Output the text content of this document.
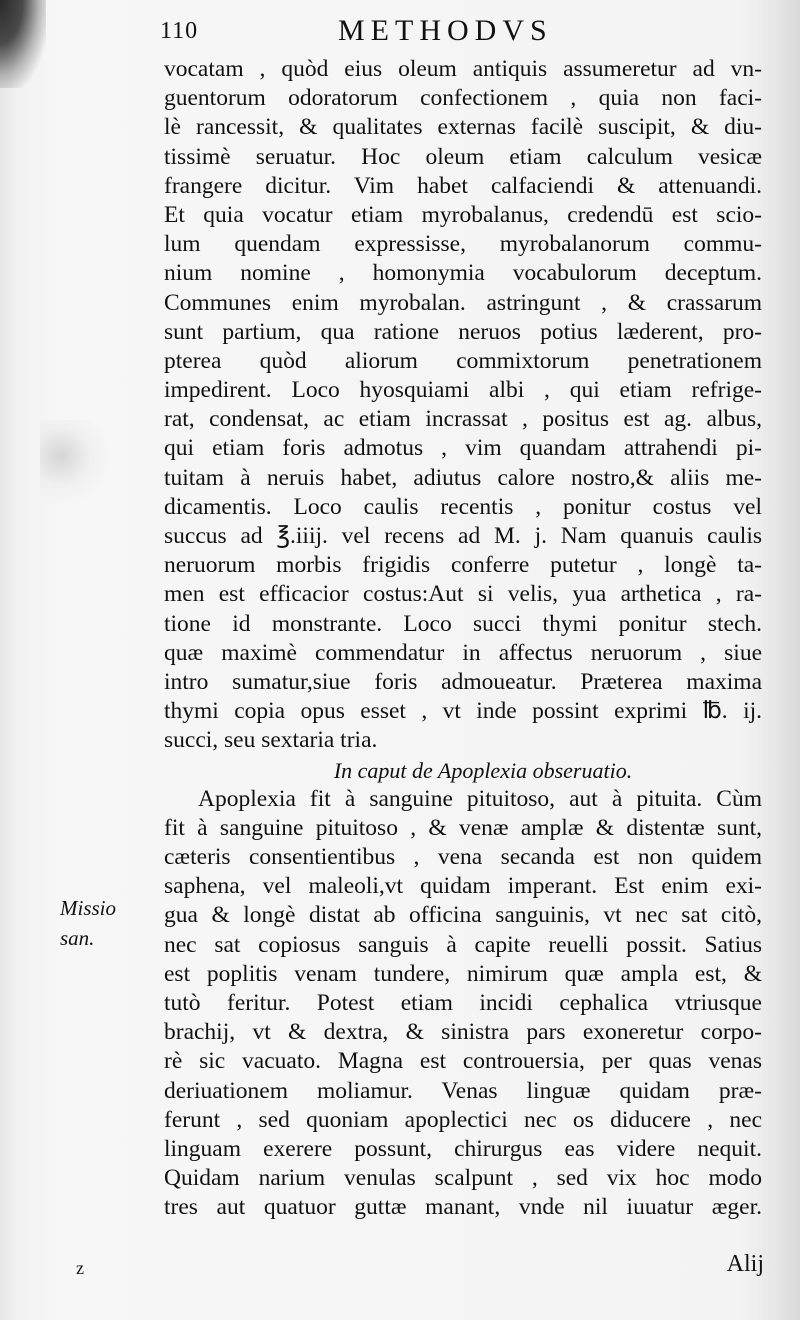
110	METHODVS
vocatam , quòd eius oleum antiquis assumeretur ad vn-
guentorum odoratorum confectionem , quia non faci-
lè rancessit, & qualitates externas facilè suscipit, & diu-
tissimè seruatur. Hoc oleum etiam calculum vesicæ
frangere dicitur. Vim habet calfaciendi & attenuandi.
Et quia vocatur etiam myrobalanus, credendū est sciо-
lum quendam expressisse, myrobalanorum commu-
nium nomine , homonymia vocabulorum deceptum.
Communes enim myrobalan. astringunt , & crassarum
sunt partium, qua ratione neruos potius læderent, pro-
pterea quòd aliorum commixtorum penetrationem
impedirent. Loco hyosquiami albi , qui etiam refrige-
rat, condensat, ac etiam incrassat , positus est ag. albus,
qui etiam foris admotus , vim quandam attrahendi pi-
tuitam à neruis habet, adiutus calore nostro,& aliis me-
dicamentis. Loco caulis recentis , ponitur costus vel
succus ad ℥.iiij. vel recens ad M. j. Nam quanuis caulis
neruorum morbis frigidis conferre putetur , longè ta-
men est efficacior costus:Aut si velis, yua arthetica , ra-
tione id monstrante. Loco succi thymi ponitur stech.
quæ maximè commendatur in affectus neruorum , siue
intro sumatur,siue foris admoueatur. Præterea maxima
thymi copia opus esset , vt inde possint exprimi ℔. ij.
succi, seu sextaria tria.
In caput de Apoplexia obseruatio.
Apoplexia fit à sanguine pituitoso, aut à pituita. Cùm
fit à sanguine pituitoso , & venæ amplæ & distentæ sunt,
cæteris consentientibus , vena secanda est non quidem
saphena, vel maleoli,vt quidam imperant. Est enim exi-
gua & longè distat ab officina sanguinis, vt nec sat citò,
nec sat copiosus sanguis à capite reuelli possit. Satius
est poplitis venam tundere, nimirum quæ ampla est, &
tutò feritur. Potest etiam incidi cephalica vtriusque
brachij, vt & dextra, & sinistra pars exoneretur corpo-
rè sic vacuato. Magna est controuersia, per quas venas
deriuationem moliamur. Venas linguæ quidam præ-
ferunt , sed quoniam apoplectici nec os diducere , nec
linguam exerere possunt, chirurgus eas videre nequit.
Quidam narium venulas scalpunt , sed vix hoc modo
tres aut quatuor guttæ manant, vnde nil iuuatur æger.
Missio
san.
z	Alij
